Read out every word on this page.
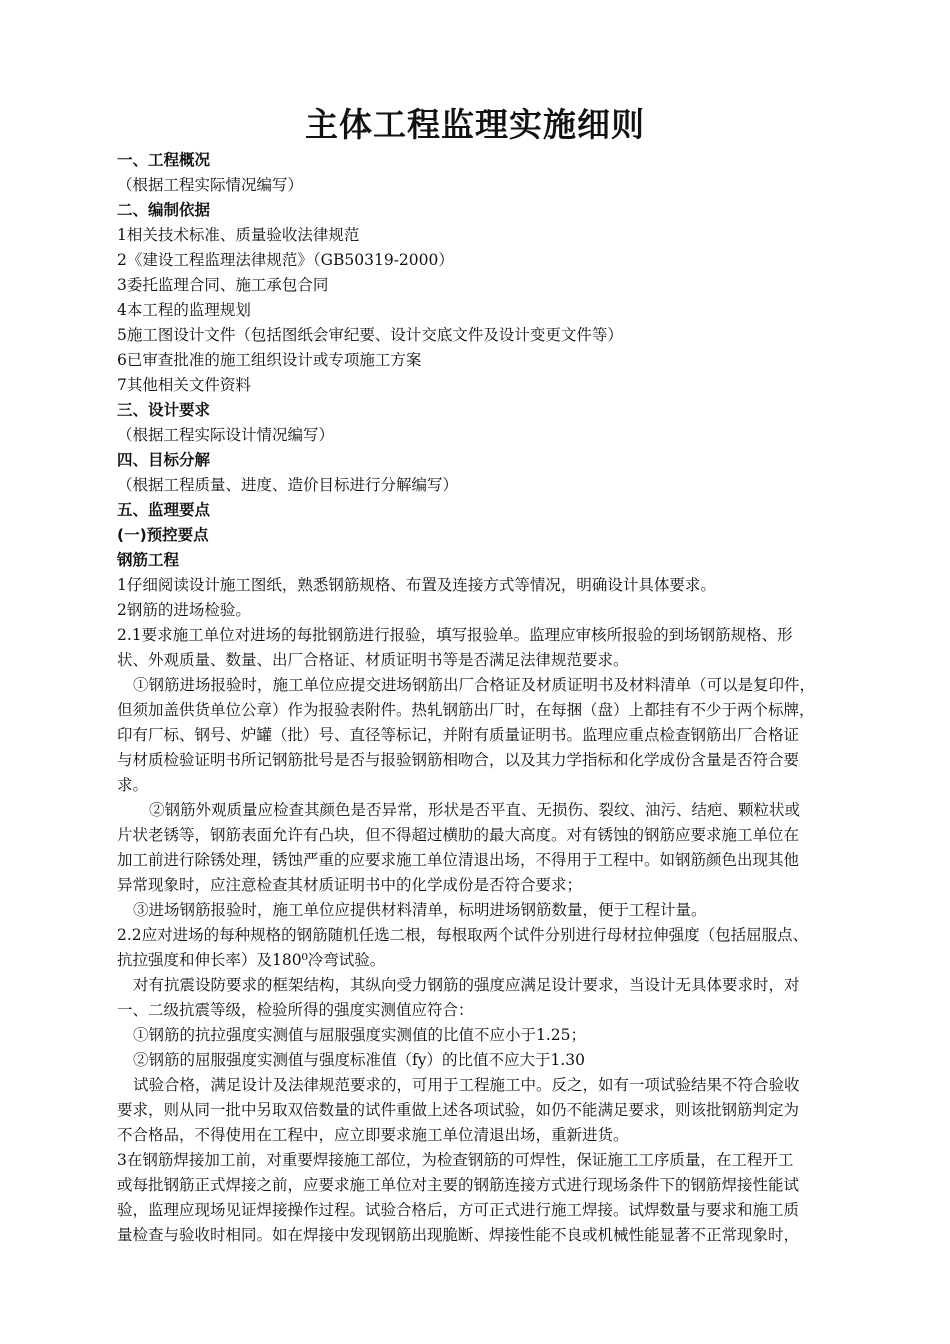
主体工程监理实施细则
一、工程概况
（根据工程实际情况编写）
二、编制依据
1相关技术标准、质量验收法律规范
2《建设工程监理法律规范》（GB50319-2000）
3委托监理合同、施工承包合同
4本工程的监理规划
5施工图设计文件（包括图纸会审纪要、设计交底文件及设计变更文件等）
6已审查批准的施工组织设计或专项施工方案
7其他相关文件资料
三、设计要求
（根据工程实际设计情况编写）
四、目标分解
（根据工程质量、进度、造价目标进行分解编写）
五、监理要点
(一)预控要点
钢筋工程
1仔细阅读设计施工图纸，熟悉钢筋规格、布置及连接方式等情况，明确设计具体要求。
2钢筋的进场检验。
2.1要求施工单位对进场的每批钢筋进行报验，填写报验单。监理应审核所报验的到场钢筋规格、形
状、外观质量、数量、出厂合格证、材质证明书等是否满足法律规范要求。
①钢筋进场报验时，施工单位应提交进场钢筋出厂合格证及材质证明书及材料清单（可以是复印件，
但须加盖供货单位公章）作为报验表附件。热轧钢筋出厂时，在每捆（盘）上都挂有不少于两个标牌，
印有厂标、钢号、炉罐（批）号、直径等标记，并附有质量证明书。监理应重点检查钢筋出厂合格证
与材质检验证明书所记钢筋批号是否与报验钢筋相吻合，以及其力学指标和化学成份含量是否符合要
求。
②钢筋外观质量应检查其颜色是否异常，形状是否平直、无损伤、裂纹、油污、结疤、颗粒状或
片状老锈等，钢筋表面允许有凸块，但不得超过横肋的最大高度。对有锈蚀的钢筋应要求施工单位在
加工前进行除锈处理，锈蚀严重的应要求施工单位清退出场，不得用于工程中。如钢筋颜色出现其他
异常现象时，应注意检查其材质证明书中的化学成份是否符合要求；
③进场钢筋报验时，施工单位应提供材料清单，标明进场钢筋数量，便于工程计量。
2.2应对进场的每种规格的钢筋随机任选二根，每根取两个试件分别进行母材拉伸强度（包括屈服点、
抗拉强度和伸长率）及180⁰冷弯试验。
对有抗震设防要求的框架结构，其纵向受力钢筋的强度应满足设计要求，当设计无具体要求时，对
一、二级抗震等级，检验所得的强度实测值应符合：
①钢筋的抗拉强度实测值与屈服强度实测值的比值不应小于1.25；
②钢筋的屈服强度实测值与强度标准值（fy）的比值不应大于1.30
试验合格，满足设计及法律规范要求的，可用于工程施工中。反之，如有一项试验结果不符合验收
要求，则从同一批中另取双倍数量的试件重做上述各项试验，如仍不能满足要求，则该批钢筋判定为
不合格品，不得使用在工程中，应立即要求施工单位清退出场，重新进货。
3在钢筋焊接加工前，对重要焊接施工部位，为检查钢筋的可焊性，保证施工工序质量，在工程开工
或每批钢筋正式焊接之前，应要求施工单位对主要的钢筋连接方式进行现场条件下的钢筋焊接性能试
验，监理应现场见证焊接操作过程。试验合格后，方可正式进行施工焊接。试焊数量与要求和施工质
量检查与验收时相同。如在焊接中发现钢筋出现脆断、焊接性能不良或机械性能显著不正常现象时，
